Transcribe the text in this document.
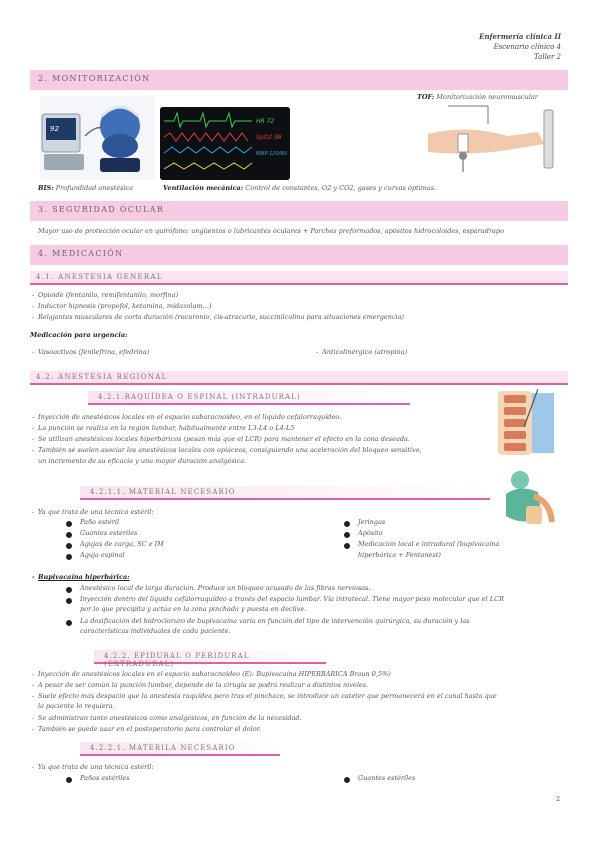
Enfermería clínica II
Escenario clínico 4
Taller 2
2. MONITORIZACIÓN
92
BIS: Profundidad anestésica
HR 72
SpO2 98
NIBP 120/80
Ventilación mecánica: Control de constantes, O2 y CO2, gases y curvas óptimas.
TOF: Monitorización neuromuscular
3. SEGURIDAD OCULAR
Mayor uso de protección ocular en quirófano: ungüentos o lubricantes oculares + Parches preformados, apósitos hidrocoloides, esparadrapo
4. MEDICACIÓN
4.1. ANESTESIA GENERAL
- Opioide (fentanilo, remifentanilo, morfina)
- Inductor hipnosis (propofol, ketamina, midazolam…)
- Relajantes musculares de corta duración (rocuronio, cis-atracurio, succinilcolina para situaciones emergencia)
Medicación para urgencia:
- Vasoactivos (fenilefrina, efedrina)
-	Anticolinérgico (atropina)
4.2. ANESTESIA REGIONAL
4.2.1.RAQUÍDEA O ESPINAL (INTRADURAL)
- Inyección de anestésicos locales en el espacio subaracnoideo, en el líquido cefalorraquídeo.
- La punción se realiza en la región lumbar, habitualmente entre L3-L4 o L4-L5
- Se utilizan anestésicos locales hiperbáricos (pesan más que el LCR) para mantener el efecto en la zona deseada.
- También se suelen asociar los anestésicos locales con opiáceos, consiguiendo una aceleración del bloqueo sensitivo,
un incremento de su eficacia y una mayor duración analgésica.
4.2.1.1. MATERIAL NECESARIO
- Ya que trata de una técnica estéril:
Paño estéril
Guantes estériles
Agujas de carga, SC e IM
Aguja espinal
Jeringas
Apósito
Medicación local e intradural (bupivacaína
hiperbárica + Fentanest)
- Bupivacaína hiperbárica:
Anestésico local de larga duración. Produce un bloqueo acusado de las fibras nerviosas.
Inyección dentro del líquido cefalorraquídeo a través del espacio lumbar. Vía intratecal. Tiene mayor peso molecular que el LCR
por lo que precipita y actúa en la zona pinchada y puesta en declive.
La dosificación del hidrocloruro de bupivacaína varía en función del tipo de intervención quirúrgica, su duración y las
características individuales de cada paciente.
4.2.2. EPIDURAL O PERIDURAL (EXTRADURAL)
- Inyección de anestésicos locales en el espacio subaracnoideo (E): Bupivacaína HIPERBÁRICA Braun 0,5%)
- A pesar de ser común la punción lumbar, depende de la cirugía se podrá realizar a distintos niveles.
- Suele efecto más despacio que la anestesia raquídea pero tras el pinchazo, se introduce un catéter que permanecerá en el canal hasta que
la paciente lo requiera.
- Se administran tanto anestésicos como analgésicos, en función de la necesidad.
- También se puede usar en el postoperatorio para controlar el dolor.
4.2.2.1. MATERILA NECESARIO
- Ya que trata de una técnica estéril:
Paños estériles	Guantes estériles
2
